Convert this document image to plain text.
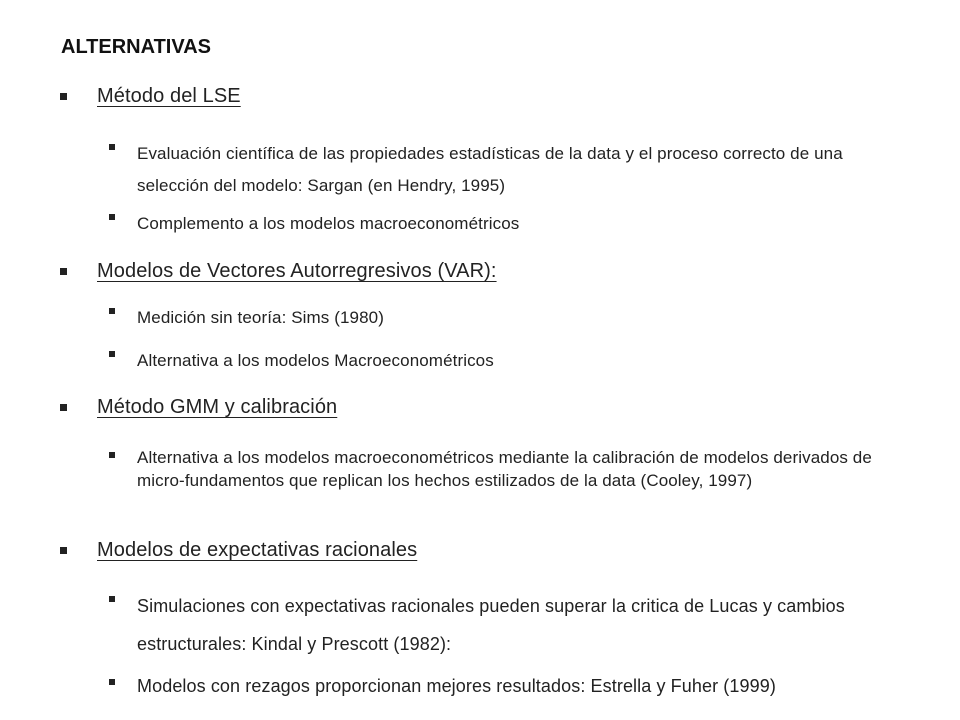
ALTERNATIVAS
Método del LSE
Evaluación científica de las propiedades estadísticas de la data y el proceso correcto de una selección del modelo: Sargan (en Hendry, 1995)
Complemento a los modelos macroeconométricos
Modelos de Vectores Autorregresivos (VAR):
Medición sin teoría: Sims (1980)
Alternativa a los modelos Macroeconométricos
Método GMM y calibración
Alternativa a los modelos macroeconométricos mediante la calibración de modelos derivados de micro-fundamentos que replican los hechos estilizados de la data (Cooley, 1997)
Modelos de expectativas racionales
Simulaciones con expectativas racionales pueden superar la critica de Lucas y cambios estructurales: Kindal y Prescott (1982):
Modelos con rezagos proporcionan mejores resultados: Estrella y Fuher (1999)
